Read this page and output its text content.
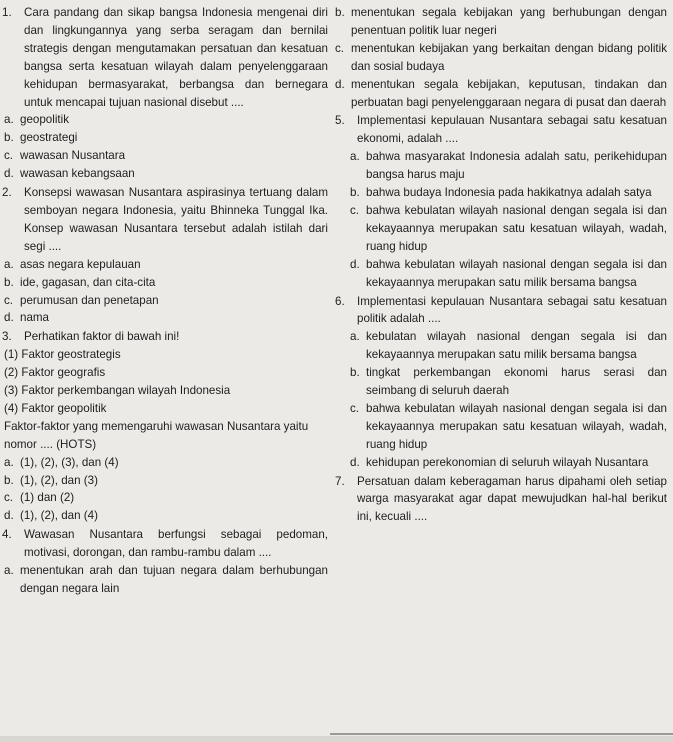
1.	Cara pandang dan sikap bangsa Indonesia mengenai diri dan lingkungannya yang serba seragam dan bernilai strategis dengan mengutamakan persatuan dan kesatuan bangsa serta kesatuan wilayah dalam penyelenggaraan kehidupan bermasyarakat, berbangsa dan bernegara untuk mencapai tujuan nasional disebut ....
a. geopolitik
b. geostrategi
c. wawasan Nusantara
d. wawasan kebangsaan
2.	Konsepsi wawasan Nusantara aspirasinya tertuang dalam semboyan negara Indonesia, yaitu Bhinneka Tunggal Ika. Konsep wawasan Nusantara tersebut adalah istilah dari segi ....
a. asas negara kepulauan
b. ide, gagasan, dan cita-cita
c. perumusan dan penetapan
d. nama
3.	Perhatikan faktor di bawah ini!
(1) Faktor geostrategis
(2) Faktor geografis
(3) Faktor perkembangan wilayah Indonesia
(4) Faktor geopolitik
Faktor-faktor yang memengaruhi wawasan Nusantara yaitu nomor .... (HOTS)
a. (1), (2), (3), dan (4)
b. (1), (2), dan (3)
c. (1) dan (2)
d. (1), (2), dan (4)
4.	Wawasan Nusantara berfungsi sebagai pedoman, motivasi, dorongan, dan rambu-rambu dalam ....
a. menentukan arah dan tujuan negara dalam berhubungan dengan negara lain
b. menentukan segala kebijakan yang berhubungan dengan penentuan politik luar negeri
c. menentukan kebijakan yang berkaitan dengan bidang politik dan sosial budaya
d. menentukan segala kebijakan, keputusan, tindakan dan perbuatan bagi penyelenggaraan negara di pusat dan daerah
5.	Implementasi kepulauan Nusantara sebagai satu kesatuan ekonomi, adalah ....
a. bahwa masyarakat Indonesia adalah satu, perikehidupan bangsa harus maju
b. bahwa budaya Indonesia pada hakikatnya adalah satya
c. bahwa kebulatan wilayah nasional dengan segala isi dan kekayaannya merupakan satu kesatuan wilayah, wadah, ruang hidup
d. bahwa kebulatan wilayah nasional dengan segala isi dan kekayaannya merupakan satu milik bersama bangsa
6.	Implementasi kepulauan Nusantara sebagai satu kesatuan politik adalah ....
a. kebulatan wilayah nasional dengan segala isi dan kekayaannya merupakan satu milik bersama bangsa
b. tingkat perkembangan ekonomi harus serasi dan seimbang di seluruh daerah
c. bahwa kebulatan wilayah nasional dengan segala isi dan kekayaannya merupakan satu kesatuan wilayah, wadah, ruang hidup
d. kehidupan perekonomian di seluruh wilayah Nusantara
7.	Persatuan dalam keberagaman harus dipahami oleh setiap warga masyarakat agar dapat mewujudkan hal-hal berikut ini, kecuali ....
